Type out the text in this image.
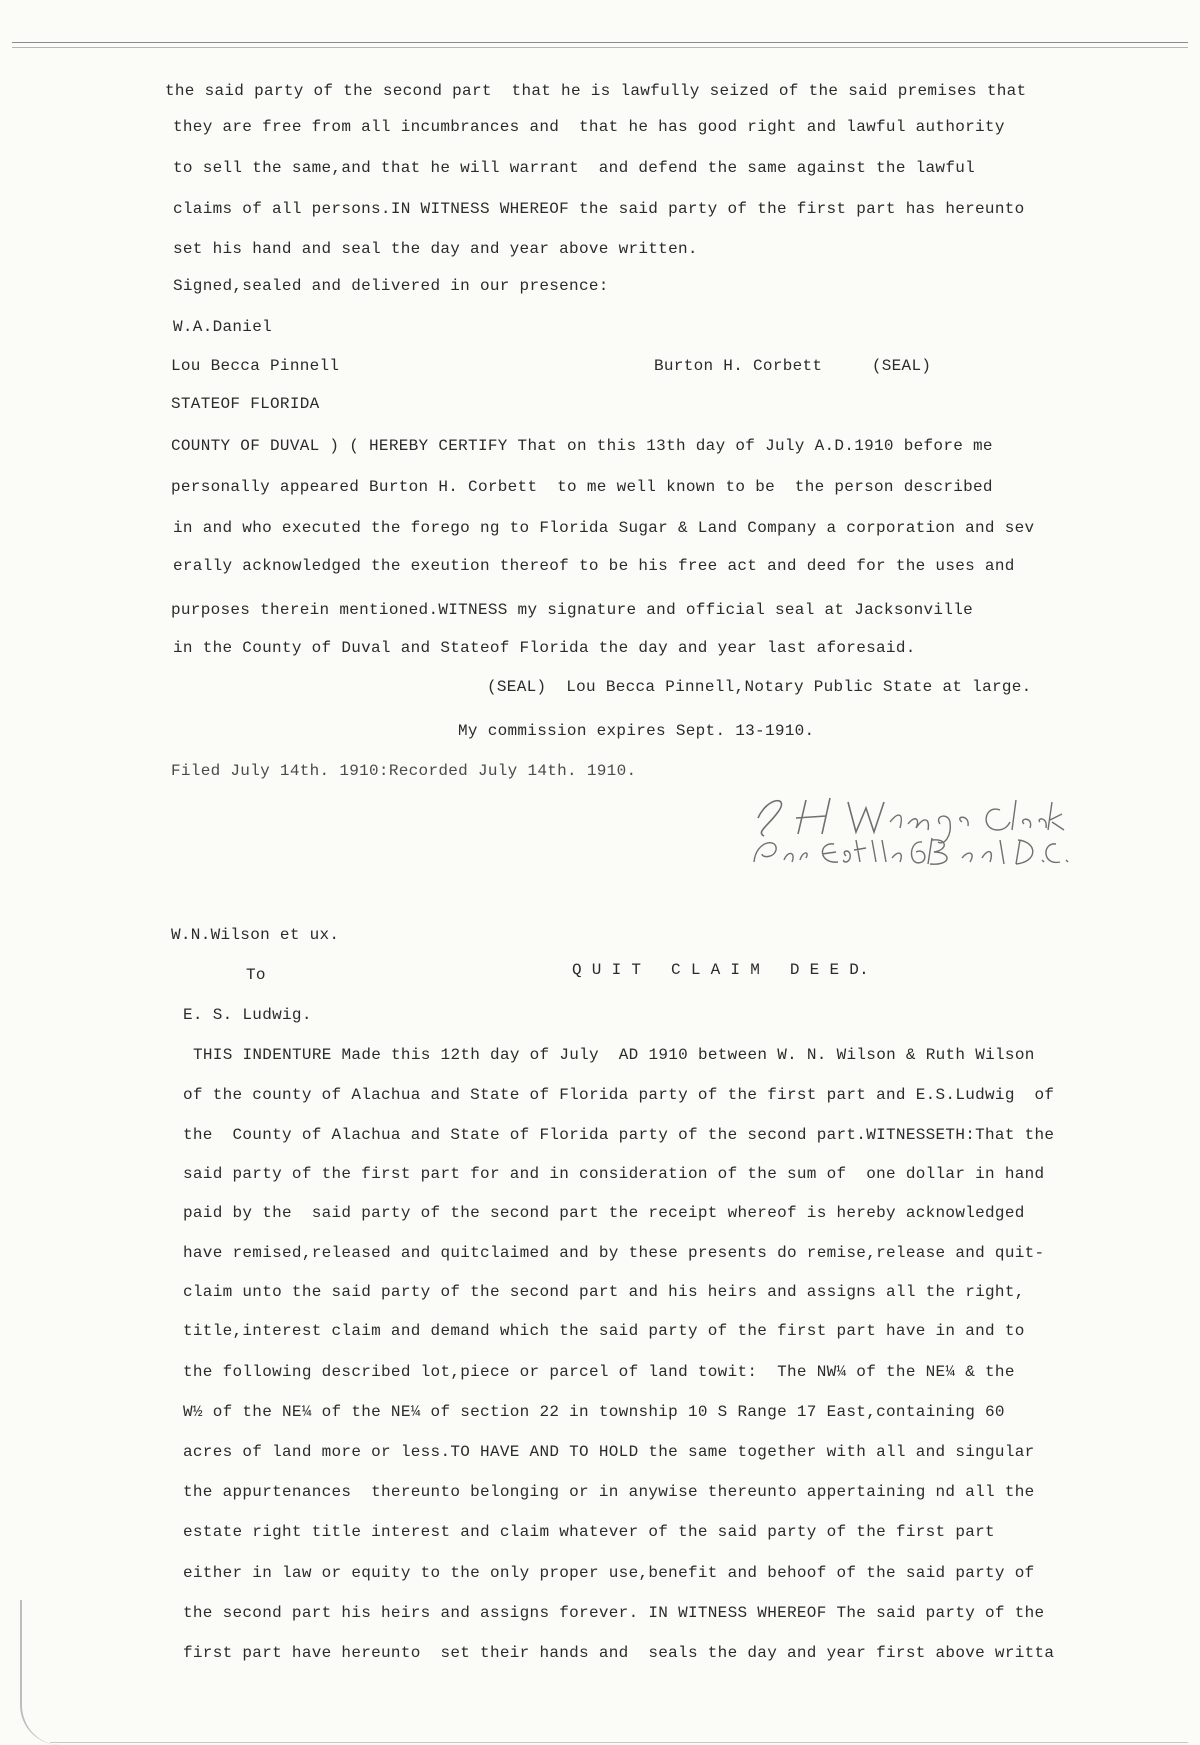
the said party of the second part  that he is lawfully seized of the said premises that

they are free from all incumbrances and  that he has good right and lawful authority

to sell the same,and that he will warrant  and defend the same against the lawful

claims of all persons.IN WITNESS WHEREOF the said party of the first part has hereunto

set his hand and seal the day and year above written.

Signed,sealed and delivered in our presence:

W.A.Daniel

Lou Becca Pinnell	Burton H. Corbett     (SEAL)

STATEOF FLORIDA

COUNTY OF DUVAL ) ( HEREBY CERTIFY That on this 13th day of July A.D.1910 before me

personally appeared Burton H. Corbett  to me well known to be  the person described

in and who executed the forego ng to Florida Sugar & Land Company a corporation and sev

erally acknowledged the exeution thereof to be his free act and deed for the uses and

purposes therein mentioned.WITNESS my signature and official seal at Jacksonville

in the County of Duval and Stateof Florida the day and year last aforesaid.

(SEAL)  Lou Becca Pinnell,Notary Public State at large.

My commission expires Sept. 13-1910.

Filed July 14th. 1910:Recorded July 14th. 1910.

W.N.Wilson et ux.

To	Q U I T   C L A I M   D E E D.

E. S. Ludwig.

THIS INDENTURE Made this 12th day of July  AD 1910 between W. N. Wilson & Ruth Wilson

of the county of Alachua and State of Florida party of the first part and E.S.Ludwig  of

the  County of Alachua and State of Florida party of the second part.WITNESSETH:That the

said party of the first part for and in consideration of the sum of  one dollar in hand

paid by the  said party of the second part the receipt whereof is hereby acknowledged

have remised,released and quitclaimed and by these presents do remise,release and quit-

claim unto the said party of the second part and his heirs and assigns all the right,

title,interest claim and demand which the said party of the first part have in and to

the following described lot,piece or parcel of land towit:  The NW¼ of the NE¼ & the

W½ of the NE¼ of the NE¼ of section 22 in township 10 S Range 17 East,containing 60

acres of land more or less.TO HAVE AND TO HOLD the same together with all and singular

the appurtenances  thereunto belonging or in anywise thereunto appertaining nd all the

estate right title interest and claim whatever of the said party of the first part

either in law or equity to the only proper use,benefit and behoof of the said party of

the second part his heirs and assigns forever. IN WITNESS WHEREOF The said party of the

first part have hereunto  set their hands and  seals the day and year first above writta
